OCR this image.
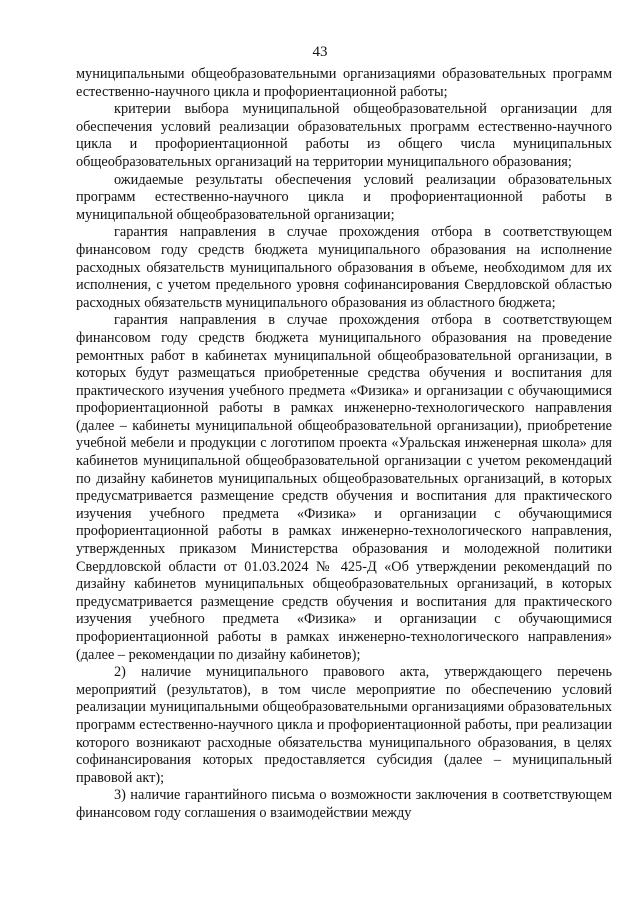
43

муниципальными общеобразовательными организациями образовательных программ естественно-научного цикла и профориентационной работы;

критерии выбора муниципальной общеобразовательной организации для обеспечения условий реализации образовательных программ естественно-научного цикла и профориентационной работы из общего числа муниципальных общеобразовательных организаций на территории муниципального образования;

ожидаемые результаты обеспечения условий реализации образовательных программ естественно-научного цикла и профориентационной работы в муниципальной общеобразовательной организации;

гарантия направления в случае прохождения отбора в соответствующем финансовом году средств бюджета муниципального образования на исполнение расходных обязательств муниципального образования в объеме, необходимом для их исполнения, с учетом предельного уровня софинансирования Свердловской областью расходных обязательств муниципального образования из областного бюджета;

гарантия направления в случае прохождения отбора в соответствующем финансовом году средств бюджета муниципального образования на проведение ремонтных работ в кабинетах муниципальной общеобразовательной организации, в которых будут размещаться приобретенные средства обучения и воспитания для практического изучения учебного предмета «Физика» и организации с обучающимися профориентационной работы в рамках инженерно-технологического направления (далее – кабинеты муниципальной общеобразовательной организации), приобретение учебной мебели и продукции с логотипом проекта «Уральская инженерная школа» для кабинетов муниципальной общеобразовательной организации с учетом рекомендаций по дизайну кабинетов муниципальных общеобразовательных организаций, в которых предусматривается размещение средств обучения и воспитания для практического изучения учебного предмета «Физика» и организации с обучающимися профориентационной работы в рамках инженерно-технологического направления, утвержденных приказом Министерства образования и молодежной политики Свердловской области от 01.03.2024 № 425-Д «Об утверждении рекомендаций по дизайну кабинетов муниципальных общеобразовательных организаций, в которых предусматривается размещение средств обучения и воспитания для практического изучения учебного предмета «Физика» и организации с обучающимися профориентационной работы в рамках инженерно-технологического направления» (далее – рекомендации по дизайну кабинетов);

2) наличие муниципального правового акта, утверждающего перечень мероприятий (результатов), в том числе мероприятие по обеспечению условий реализации муниципальными общеобразовательными организациями образовательных программ естественно-научного цикла и профориентационной работы, при реализации которого возникают расходные обязательства муниципального образования, в целях софинансирования которых предоставляется субсидия (далее – муниципальный правовой акт);

3) наличие гарантийного письма о возможности заключения в соответствующем финансовом году соглашения о взаимодействии между
